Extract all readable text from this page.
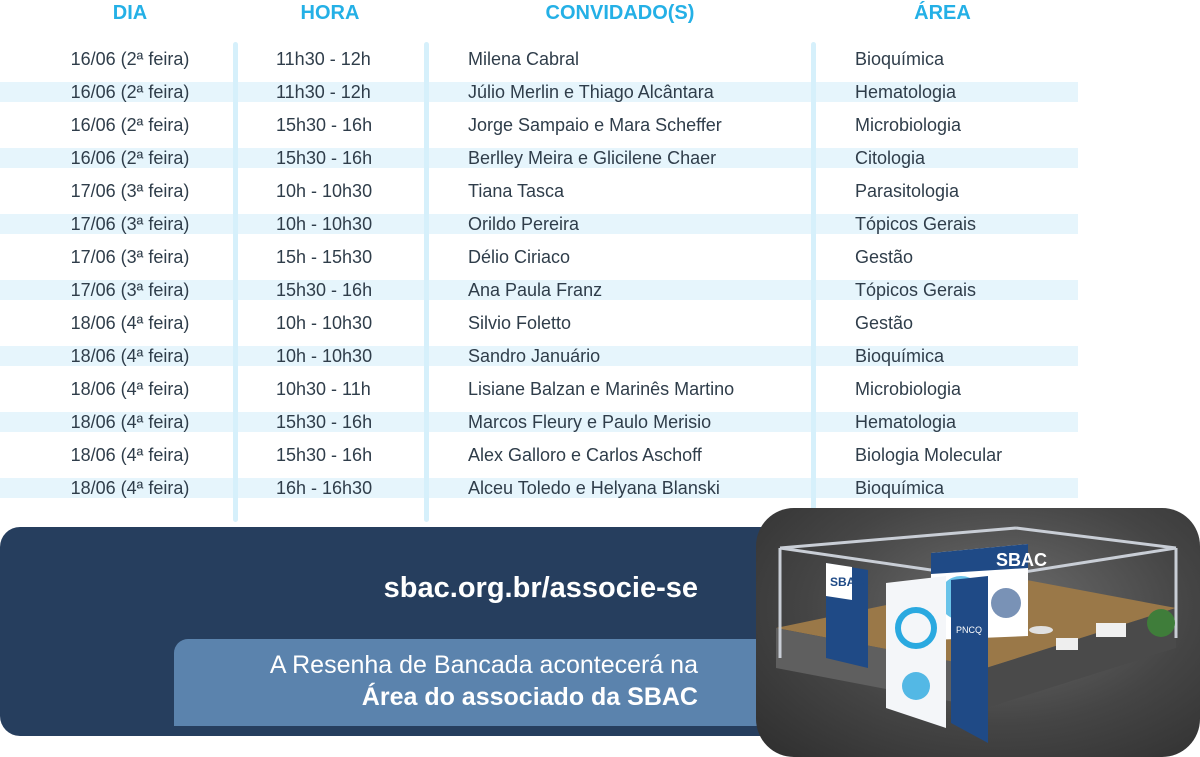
DIA	HORA	CONVIDADO(S)	ÁREA
16/06 (2ª feira)	11h30 - 12h	Milena Cabral	Bioquímica
16/06 (2ª feira)	11h30 - 12h	Júlio Merlin e Thiago Alcântara	Hematologia
16/06 (2ª feira)	15h30 - 16h	Jorge Sampaio e Mara Scheffer	Microbiologia
16/06 (2ª feira)	15h30 - 16h	Berlley Meira e Glicilene Chaer	Citologia
17/06 (3ª feira)	10h - 10h30	Tiana Tasca	Parasitologia
17/06 (3ª feira)	10h - 10h30	Orildo Pereira	Tópicos Gerais
17/06 (3ª feira)	15h - 15h30	Délio Ciriaco	Gestão
17/06 (3ª feira)	15h30 - 16h	Ana Paula Franz	Tópicos Gerais
18/06 (4ª feira)	10h - 10h30	Silvio Foletto	Gestão
18/06 (4ª feira)	10h - 10h30	Sandro Januário	Bioquímica
18/06 (4ª feira)	10h30 - 11h	Lisiane Balzan e Marinês Martino	Microbiologia
18/06 (4ª feira)	15h30 - 16h	Marcos Fleury e Paulo Merisio	Hematologia
18/06 (4ª feira)	15h30 - 16h	Alex Galloro e Carlos Aschoff	Biologia Molecular
18/06 (4ª feira)	16h - 16h30	Alceu Toledo e Helyana Blanski	Bioquímica
sbac.org.br/associe-se
A Resenha de Bancada acontecerá na
Área do associado da SBAC
SBAC
SBAC
PNCQ
